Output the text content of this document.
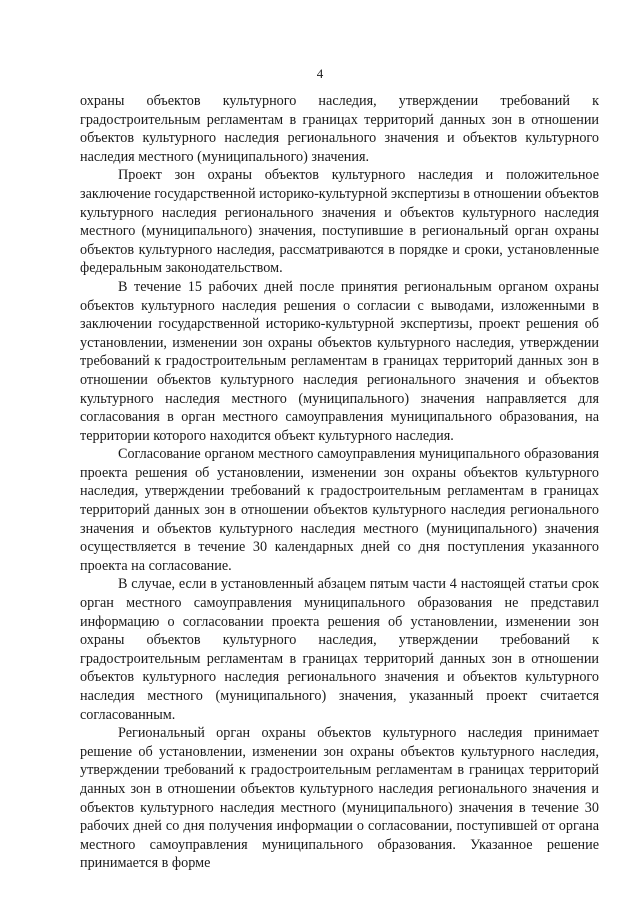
4

охраны объектов культурного наследия, утверждении требований к градостроительным регламентам в границах территорий данных зон в отношении объектов культурного наследия регионального значения и объектов культурного наследия местного (муниципального) значения.

Проект зон охраны объектов культурного наследия и положительное заключение государственной историко-культурной экспертизы в отношении объектов культурного наследия регионального значения и объектов культурного наследия местного (муниципального) значения, поступившие в региональный орган охраны объектов культурного наследия, рассматриваются в порядке и сроки, установленные федеральным законодательством.

В течение 15 рабочих дней после принятия региональным органом охраны объектов культурного наследия решения о согласии с выводами, изложенными в заключении государственной историко-культурной экспертизы, проект решения об установлении, изменении зон охраны объектов культурного наследия, утверждении требований к градостроительным регламентам в границах территорий данных зон в отношении объектов культурного наследия регионального значения и объектов культурного наследия местного (муниципального) значения направляется для согласования в орган местного самоуправления муниципального образования, на территории которого находится объект культурного наследия.

Согласование органом местного самоуправления муниципального образования проекта решения об установлении, изменении зон охраны объектов культурного наследия, утверждении требований к градостроительным регламентам в границах территорий данных зон в отношении объектов культурного наследия регионального значения и объектов культурного наследия местного (муниципального) значения осуществляется в течение 30 календарных дней со дня поступления указанного проекта на согласование.

В случае, если в установленный абзацем пятым части 4 настоящей статьи срок орган местного самоуправления муниципального образования не представил информацию о согласовании проекта решения об установлении, изменении зон охраны объектов культурного наследия, утверждении требований к градостроительным регламентам в границах территорий данных зон в отношении объектов культурного наследия регионального значения и объектов культурного наследия местного (муниципального) значения, указанный проект считается согласованным.

Региональный орган охраны объектов культурного наследия принимает решение об установлении, изменении зон охраны объектов культурного наследия, утверждении требований к градостроительным регламентам в границах территорий данных зон в отношении объектов культурного наследия регионального значения и объектов культурного наследия местного (муниципального) значения в течение 30 рабочих дней со дня получения информации о согласовании, поступившей от органа местного самоуправления муниципального образования. Указанное решение принимается в форме
